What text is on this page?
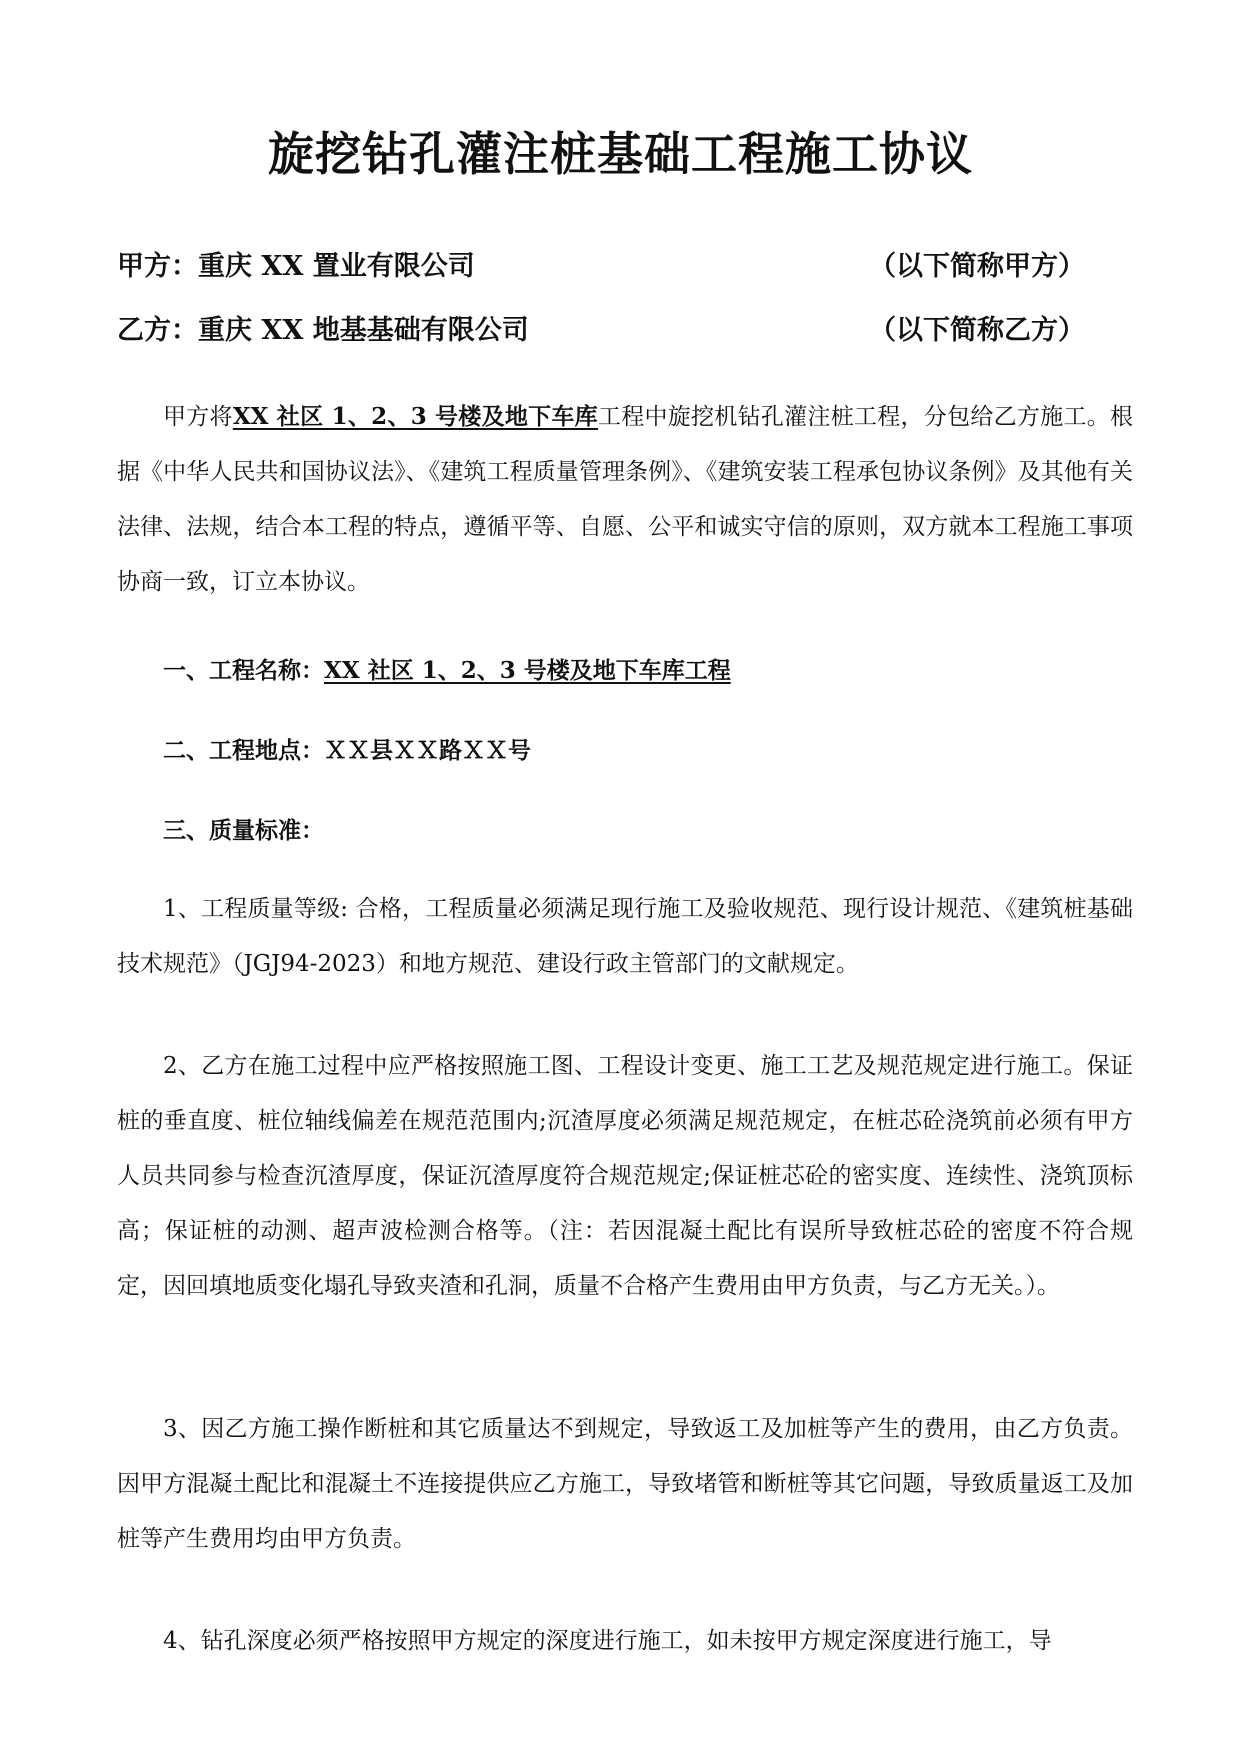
旋挖钻孔灌注桩基础工程施工协议
甲方：重庆 XX 置业有限公司	（以下简称甲方）
乙方：重庆 XX 地基基础有限公司	（以下简称乙方）

甲方将XX 社区 1、2、3 号楼及地下车库工程中旋挖机钻孔灌注桩工程，分包给乙方施工。根据《中华人民共和国协议法》、《建筑工程质量管理条例》、《建筑安装工程承包协议条例》及其他有关法律、法规，结合本工程的特点，遵循平等、自愿、公平和诚实守信的原则，双方就本工程施工事项协商一致，订立本协议。

一、工程名称：XX 社区 1、2、3 号楼及地下车库工程

二、工程地点：ＸＸ县ＸＸ路ＸＸ号

三、质量标准：

1、工程质量等级: 合格，工程质量必须满足现行施工及验收规范、现行设计规范、《建筑桩基础技术规范》（JGJ94-2023）和地方规范、建设行政主管部门的文献规定。

2、乙方在施工过程中应严格按照施工图、工程设计变更、施工工艺及规范规定进行施工。保证桩的垂直度、桩位轴线偏差在规范范围内;沉渣厚度必须满足规范规定，在桩芯砼浇筑前必须有甲方人员共同参与检查沉渣厚度，保证沉渣厚度符合规范规定;保证桩芯砼的密实度、连续性、浇筑顶标高；保证桩的动测、超声波检测合格等。（注：若因混凝土配比有误所导致桩芯砼的密度不符合规定，因回填地质变化塌孔导致夹渣和孔洞，质量不合格产生费用由甲方负责，与乙方无关。）。

3、因乙方施工操作断桩和其它质量达不到规定，导致返工及加桩等产生的费用，由乙方负责。因甲方混凝土配比和混凝土不连接提供应乙方施工，导致堵管和断桩等其它问题，导致质量返工及加桩等产生费用均由甲方负责。

4、钻孔深度必须严格按照甲方规定的深度进行施工，如未按甲方规定深度进行施工，导
